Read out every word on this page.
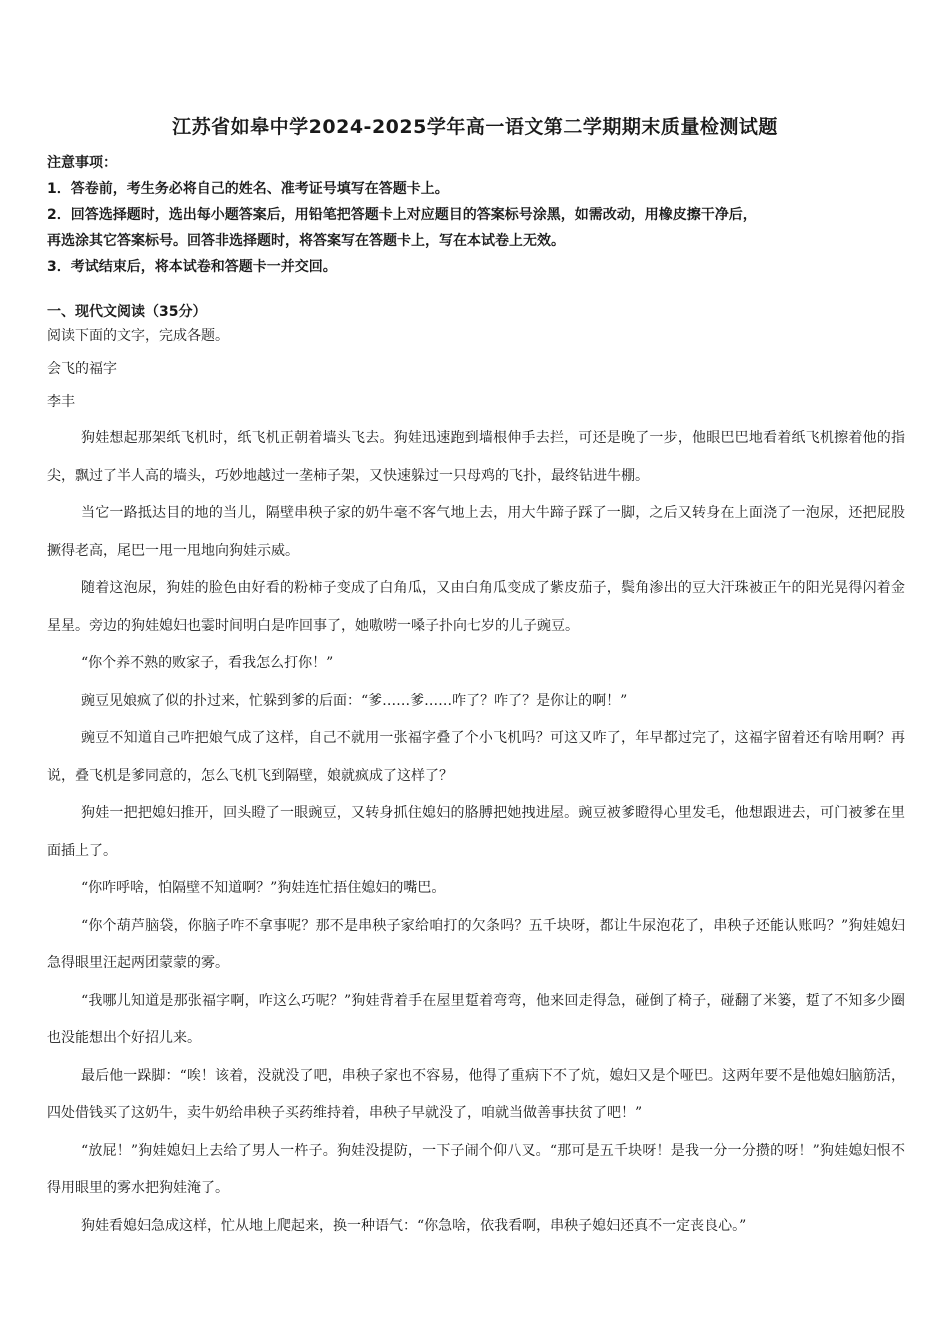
江苏省如皋中学2024-2025学年高一语文第二学期期末质量检测试题
注意事项：
1．答卷前，考生务必将自己的姓名、准考证号填写在答题卡上。
2．回答选择题时，选出每小题答案后，用铅笔把答题卡上对应题目的答案标号涂黑，如需改动，用橡皮擦干净后，
再选涂其它答案标号。回答非选择题时，将答案写在答题卡上，写在本试卷上无效。
3．考试结束后，将本试卷和答题卡一并交回。
一、现代文阅读（35分）
阅读下面的文字，完成各题。
会飞的福字
李丰

狗娃想起那架纸飞机时，纸飞机正朝着墙头飞去。狗娃迅速跑到墙根伸手去拦，可还是晚了一步，他眼巴巴地看着纸飞机擦着他的指尖，飘过了半人高的墙头，巧妙地越过一垄柿子架，又快速躲过一只母鸡的飞扑，最终钻进牛棚。

当它一路抵达目的地的当儿，隔壁串秧子家的奶牛毫不客气地上去，用大牛蹄子踩了一脚，之后又转身在上面浇了一泡尿，还把屁股撅得老高，尾巴一甩一甩地向狗娃示威。

随着这泡尿，狗娃的脸色由好看的粉柿子变成了白角瓜，又由白角瓜变成了紫皮茄子，鬓角渗出的豆大汗珠被正午的阳光晃得闪着金星星。旁边的狗娃媳妇也霎时间明白是咋回事了，她嗷唠一嗓子扑向七岁的儿子豌豆。

“你个养不熟的败家子，看我怎么打你！”

豌豆见娘疯了似的扑过来，忙躲到爹的后面：“爹……爹……咋了？咋了？是你让的啊！”

豌豆不知道自己咋把娘气成了这样，自己不就用一张福字叠了个小飞机吗？可这又咋了，年早都过完了，这福字留着还有啥用啊？再说，叠飞机是爹同意的，怎么飞机飞到隔壁，娘就疯成了这样了？

狗娃一把把媳妇推开，回头瞪了一眼豌豆，又转身抓住媳妇的胳膊把她拽进屋。豌豆被爹瞪得心里发毛，他想跟进去，可门被爹在里面插上了。

“你咋呼啥，怕隔壁不知道啊？”狗娃连忙捂住媳妇的嘴巴。

“你个葫芦脑袋，你脑子咋不拿事呢？那不是串秧子家给咱打的欠条吗？五千块呀，都让牛尿泡花了，串秧子还能认账吗？”狗娃媳妇急得眼里汪起两团蒙蒙的雾。

“我哪儿知道是那张福字啊，咋这么巧呢？”狗娃背着手在屋里踅着弯弯，他来回走得急，碰倒了椅子，碰翻了米篓，踅了不知多少圈也没能想出个好招儿来。

最后他一跺脚：“唉！该着，没就没了吧，串秧子家也不容易，他得了重病下不了炕，媳妇又是个哑巴。这两年要不是他媳妇脑筋活，四处借钱买了这奶牛，卖牛奶给串秧子买药维持着，串秧子早就没了，咱就当做善事扶贫了吧！”

“放屁！”狗娃媳妇上去给了男人一杵子。狗娃没提防，一下子闹个仰八叉。“那可是五千块呀！是我一分一分攒的呀！”狗娃媳妇恨不得用眼里的雾水把狗娃淹了。

狗娃看媳妇急成这样，忙从地上爬起来，换一种语气：“你急啥，依我看啊，串秧子媳妇还真不一定丧良心。”
